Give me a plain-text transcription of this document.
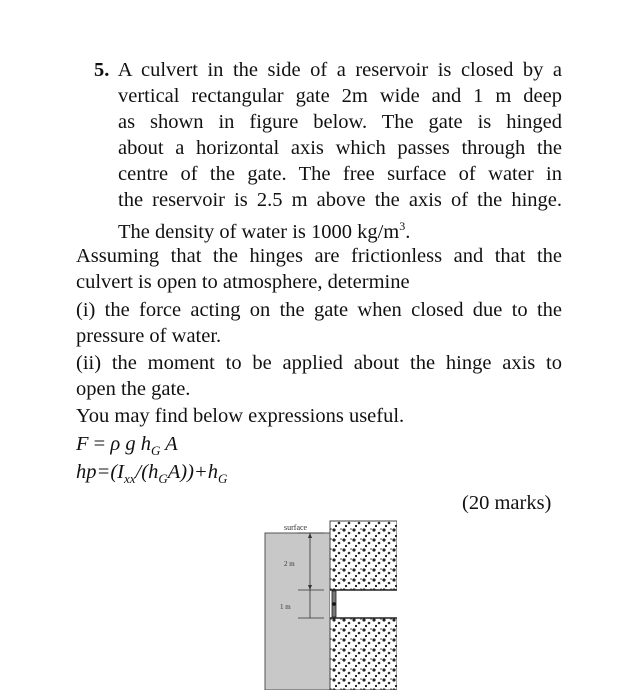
5. A culvert in the side of a reservoir is closed by a
vertical rectangular gate 2m wide and 1 m deep
as shown in figure below. The gate is hinged
about a horizontal axis which passes through the
centre of the gate. The free surface of water in
the reservoir is 2.5 m above the axis of the hinge.
The density of water is 1000 $kg/m^3$.
Assuming that the hinges are frictionless and that the
culvert is open to atmosphere, determine
(i) the force acting on the gate when closed due to the
pressure of water.
(ii) the moment to be applied about the hinge axis to
open the gate.
You may find below expressions useful.
F = ρ g $h_G$ A
$hp=(I_{xx}/(h_GA))+h_G$
(20 marks)
surface
2 m
1 m
